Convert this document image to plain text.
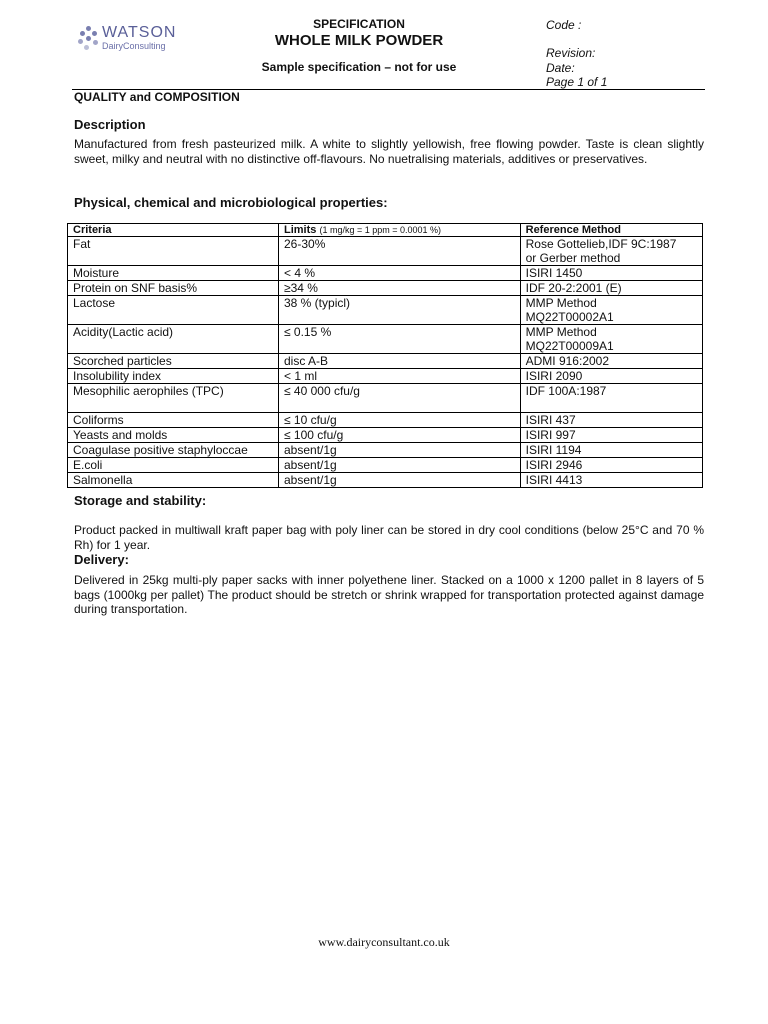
WATSON
DairyConsulting
SPECIFICATION
WHOLE MILK POWDER
Sample specification – not for use
Code :
Revision:
Date:
Page 1 of 1
QUALITY and COMPOSITION
Description
Manufactured from fresh pasteurized milk. A white to slightly yellowish, free flowing powder. Taste is clean slightly sweet, milky and neutral with no distinctive off-flavours. No nuetralising materials, additives or preservatives.
Physical, chemical and microbiological properties:
Criteria	Limits (1 mg/kg = 1 ppm = 0.0001 %)	Reference Method
Fat	26-30%	Rose Gottelieb,IDF 9C:1987
or Gerber method
Moisture	< 4 %	ISIRI 1450
Protein on SNF basis%	≥34 %	IDF 20-2:2001 (E)
Lactose	38 % (typicl)	MMP Method
MQ22T00002A1
Acidity(Lactic acid)	≤ 0.15 %	MMP Method
MQ22T00009A1
Scorched particles	disc A-B	ADMI 916:2002
Insolubility index	< 1 ml	ISIRI 2090
Mesophilic aerophiles (TPC)	≤ 40 000 cfu/g	IDF 100A:1987
Coliforms	≤ 10 cfu/g	ISIRI 437
Yeasts and molds	≤ 100 cfu/g	ISIRI 997
Coagulase positive staphyloccae	absent/1g	ISIRI 1194
E.coli	absent/1g	ISIRI 2946
Salmonella	absent/1g	ISIRI 4413
Storage and stability:
Product packed in multiwall kraft paper bag with poly liner can be stored in dry cool conditions (below 25°C and 70 % Rh) for 1 year.
Delivery:
Delivered in 25kg multi-ply paper sacks with inner polyethene liner. Stacked on a 1000 x 1200 pallet in 8 layers of 5 bags (1000kg per pallet) The product should be stretch or shrink wrapped for transportation protected against damage during transportation.
www.dairyconsultant.co.uk
